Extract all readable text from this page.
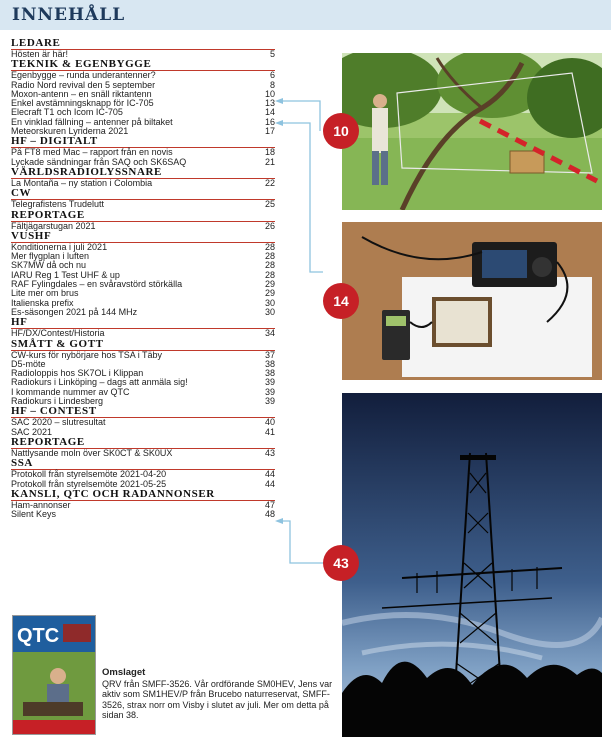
INNEHÅLL
LEDARE
Hösten är här!	5
TEKNIK & EGENBYGGE
Egenbygge – runda underantenner?	6
Radio Nord revival den 5 september	8
Moxon-antenn – en snäll riktantenn	10
Enkel avstämningsknapp för IC-705	13
Elecraft T1 och Icom IC-705	14
En vinklad fällning – antenner på biltaket	16
Meteorskuren Lyriderna 2021	17
HF – DIGITALT
På FT8 med Mac – rapport från en novis	18
Lyckade sändningar från SAQ och SK6SAQ	21
VÄRLDSRADIOLYSSNARE
La Montaña – ny station i Colombia	22
CW
Telegrafistens Trudelutt	25
REPORTAGE
Fältjägarstugan 2021	26
VUSHF
Konditionerna i juli 2021	28
Mer flygplan i luften	28
SK7MW då och nu	28
IARU Reg 1 Test UHF & up	28
RAF Fylingdales – en svåravstörd störkälla	29
Lite mer om brus	29
Italienska prefix	30
Es-säsongen 2021 på 144 MHz	30
HF
HF/DX/Contest/Historia	34
SMÅTT & GOTT
CW-kurs för nybörjare hos TSA i Täby	37
D5-möte	38
Radioloppis hos SK7OL i Klippan	38
Radiokurs i Linköping – dags att anmäla sig!	39
I kommande nummer av QTC	39
Radiokurs i Lindesberg	39
HF – CONTEST
SAC 2020 – slutresultat	40
SAC 2021	41
REPORTAGE
Nattlysande moln över SK0CT & SK0UX	43
SSA
Protokoll från styrelsemöte 2021-04-20	44
Protokoll från styrelsemöte 2021-05-25	44
KANSLI, QTC OCH RADANNONSER
Ham-annonser	47
Silent Keys	48
10
14
43
QTC
Omslaget
QRV från SMFF-3526. Vår ordförande SM0HEV, Jens var aktiv som SM1HEV/P från Brucebo naturreservat, SMFF-3526, strax norr om Visby i slutet av juli. Mer om detta på sidan 38.
